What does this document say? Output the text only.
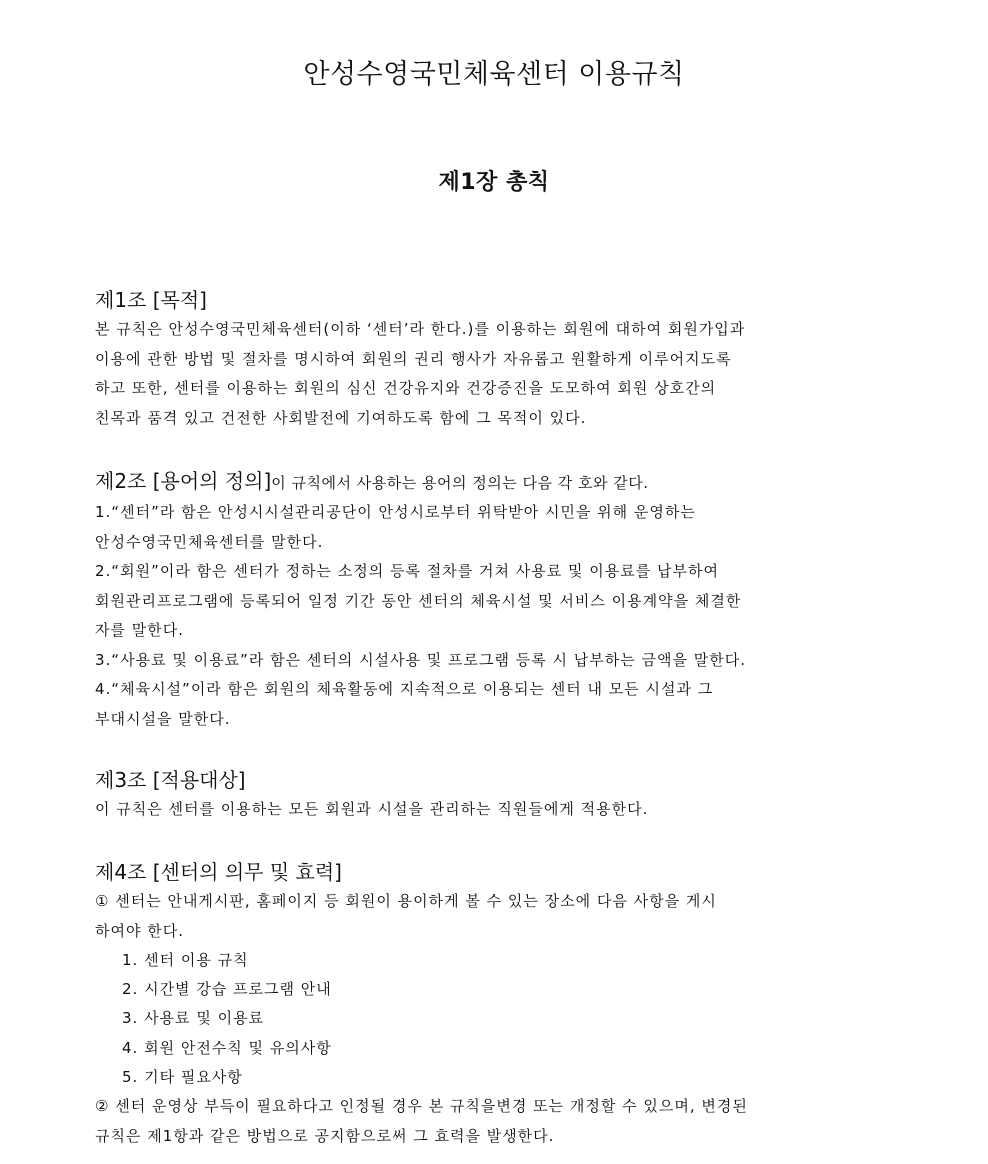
안성수영국민체육센터 이용규칙
제1장 총칙

제1조 [목적]

본 규칙은 안성수영국민체육센터(이하 ‘센터’라 한다.)를 이용하는 회원에 대하여 회원가입과

이용에 관한 방법 및 절차를 명시하여 회원의 권리 행사가 자유롭고 원활하게 이루어지도록

하고 또한, 센터를 이용하는 회원의 심신 건강유지와 건강증진을 도모하여 회원 상호간의

친목과 품격 있고 건전한 사회발전에 기여하도록 함에 그 목적이 있다.

제2조 [용어의 정의]이 규칙에서 사용하는 용어의 정의는 다음 각 호와 같다.

1.“센터”라 함은 안성시시설관리공단이 안성시로부터 위탁받아 시민을 위해 운영하는

안성수영국민체육센터를 말한다.

2.“회원”이라 함은 센터가 정하는 소정의 등록 절차를 거쳐 사용료 및 이용료를 납부하여

회원관리프로그램에 등록되어 일정 기간 동안 센터의 체육시설 및 서비스 이용계약을 체결한

자를 말한다.

3.“사용료 및 이용료”라 함은 센터의 시설사용 및 프로그램 등록 시 납부하는 금액을 말한다.

4.“체육시설”이라 함은 회원의 체육활동에 지속적으로 이용되는 센터 내 모든 시설과 그

부대시설을 말한다.

제3조 [적용대상]

이 규칙은 센터를 이용하는 모든 회원과 시설을 관리하는 직원들에게 적용한다.

제4조 [센터의 의무 및 효력]

① 센터는 안내게시판, 홈페이지 등 회원이 용이하게 볼 수 있는 장소에 다음 사항을 게시

하여야 한다.

1. 센터 이용 규칙

2. 시간별 강습 프로그램 안내

3. 사용료 및 이용료

4. 회원 안전수칙 및 유의사항

5. 기타 필요사항

② 센터 운영상 부득이 필요하다고 인정될 경우 본 규칙을변경 또는 개정할 수 있으며, 변경된

규칙은 제1항과 같은 방법으로 공지함으로써 그 효력을 발생한다.
